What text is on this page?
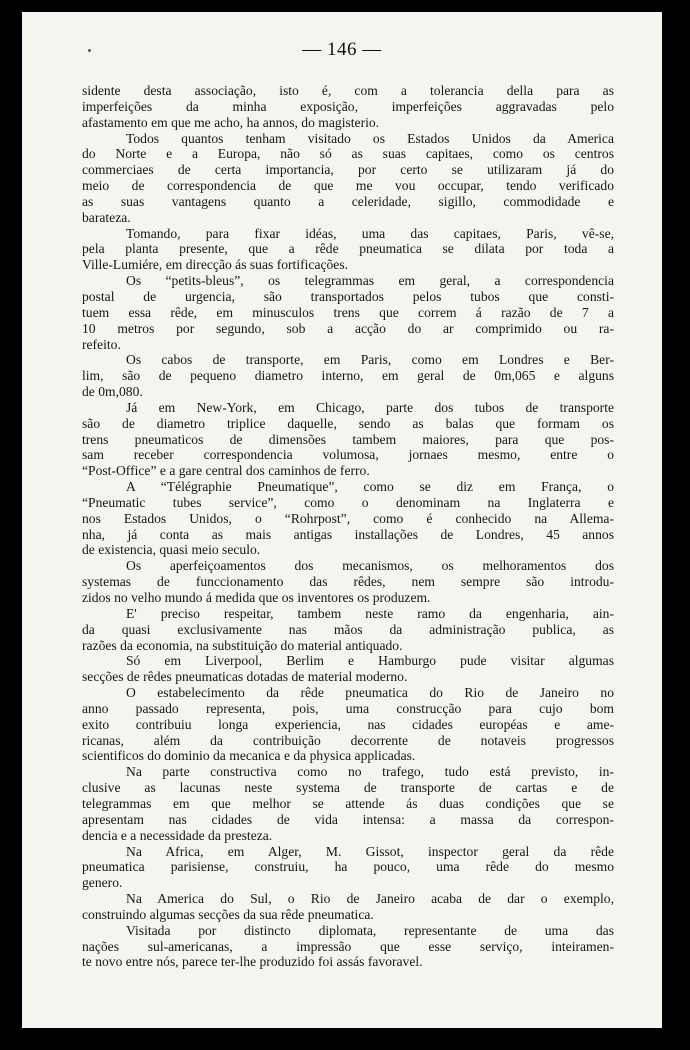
— 146 —
sidente desta associação, isto é, com a tolerancia della para as
imperfeições da minha exposição, imperfeições aggravadas pelo
afastamento em que me acho, ha annos, do magisterio.
Todos quantos tenham visitado os Estados Unidos da America
do Norte e a Europa, não só as suas capitaes, como os centros
commerciaes de certa importancia, por certo se utilizaram já do
meio de correspondencia de que me vou occupar, tendo verificado
as suas vantagens quanto a celeridade, sigillo, commodidade e
barateza.
Tomando, para fixar idéas, uma das capitaes, Paris, vê-se,
pela planta presente, que a rêde pneumatica se dilata por toda a
Ville-Lumiére, em direcção ás suas fortificações.
Os “petits-bleus”, os telegrammas em geral, a correspondencia
postal de urgencia, são transportados pelos tubos que consti-
tuem essa rêde, em minusculos trens que correm á razão de 7 a
10 metros por segundo, sob a acção do ar comprimido ou ra-
refeito.
Os cabos de transporte, em Paris, como em Londres e Ber-
lim, são de pequeno diametro interno, em geral de 0m,065 e alguns
de 0m,080.
Já em New-York, em Chicago, parte dos tubos de transporte
são de diametro triplice daquelle, sendo as balas que formam os
trens pneumaticos de dimensões tambem maiores, para que pos-
sam receber correspondencia volumosa, jornaes mesmo, entre o
“Post-Office” e a gare central dos caminhos de ferro.
A “Télégraphie Pneumatique”, como se diz em França, o
“Pneumatic tubes service”, como o denominam na Inglaterra e
nos Estados Unidos, o “Rohrpost”, como é conhecido na Allema-
nha, já conta as mais antigas installações de Londres, 45 annos
de existencia, quasi meio seculo.
Os aperfeiçoamentos dos mecanismos, os melhoramentos dos
systemas de funccionamento das rêdes, nem sempre são introdu-
zidos no velho mundo á medida que os inventores os produzem.
E' preciso respeitar, tambem neste ramo da engenharia, ain-
da quasi exclusivamente nas mãos da administração publica, as
razões da economia, na substituição do material antiquado.
Só em Liverpool, Berlim e Hamburgo pude visitar algumas
secções de rêdes pneumaticas dotadas de material moderno.
O estabelecimento da rêde pneumatica do Rio de Janeiro no
anno passado representa, pois, uma construcção para cujo bom
exito contribuiu longa experiencia, nas cidades européas e ame-
ricanas, além da contribuição decorrente de notaveis progressos
scientificos do dominio da mecanica e da physica applicadas.
Na parte constructiva como no trafego, tudo está previsto, in-
clusive as lacunas neste systema de transporte de cartas e de
telegrammas em que melhor se attende ás duas condições que se
apresentam nas cidades de vida intensa: a massa da correspon-
dencia e a necessidade da presteza.
Na Africa, em Alger, M. Gissot, inspector geral da rêde
pneumatica parisiense, construiu, ha pouco, uma rêde do mesmo
genero.
Na America do Sul, o Rio de Janeiro acaba de dar o exemplo,
construindo algumas secções da sua rêde pneumatica.
Visitada por distincto diplomata, representante de uma das
nações sul-americanas, a impressão que esse serviço, inteiramen-
te novo entre nós, parece ter-lhe produzido foi assás favoravel.
